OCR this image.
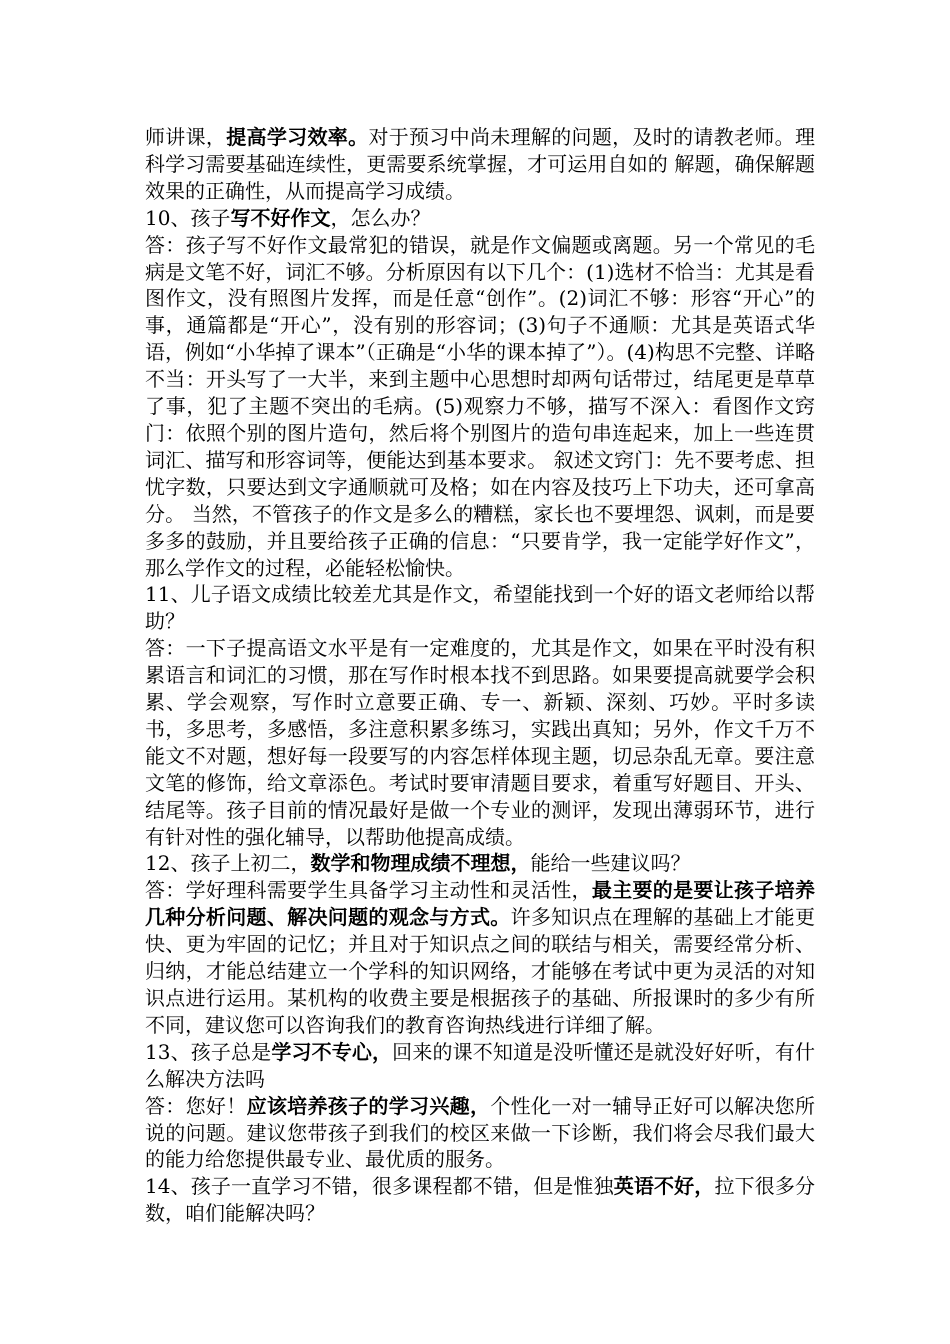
师讲课，提高学习效率。对于预习中尚未理解的问题，及时的请教老师。理科学习需要基础连续性，更需要系统掌握，才可运用自如的 解题，确保解题效果的正确性，从而提高学习成绩。

10、孩子写不好作文，怎么办？

答：孩子写不好作文最常犯的错误，就是作文偏题或离题。另一个常见的毛病是文笔不好，词汇不够。分析原因有以下几个：(1)选材不恰当：尤其是看图作文，没有照图片发挥，而是任意“创作”。(2)词汇不够：形容“开心”的事，通篇都是“开心”，没有别的形容词；(3)句子不通顺：尤其是英语式华语，例如“小华掉了课本”（正确是“小华的课本掉了”）。(4)构思不完整、详略不当：开头写了一大半，来到主题中心思想时却两句话带过，结尾更是草草了事，犯了主题不突出的毛病。(5)观察力不够，描写不深入：看图作文窍门：依照个别的图片造句，然后将个别图片的造句串连起来，加上一些连贯词汇、描写和形容词等，便能达到基本要求。 叙述文窍门：先不要考虑、担忧字数，只要达到文字通顺就可及格；如在内容及技巧上下功夫，还可拿高分。 当然，不管孩子的作文是多么的糟糕，家长也不要埋怨、讽刺，而是要多多的鼓励，并且要给孩子正确的信息：“只要肯学，我一定能学好作文”，那么学作文的过程，必能轻松愉快。

11、儿子语文成绩比较差尤其是作文，希望能找到一个好的语文老师给以帮助？

答：一下子提高语文水平是有一定难度的，尤其是作文，如果在平时没有积累语言和词汇的习惯，那在写作时根本找不到思路。如果要提高就要学会积累、学会观察，写作时立意要正确、专一、新颖、深刻、巧妙。平时多读书，多思考，多感悟，多注意积累多练习，实践出真知；另外，作文千万不能文不对题，想好每一段要写的内容怎样体现主题，切忌杂乱无章。要注意文笔的修饰，给文章添色。考试时要审清题目要求，着重写好题目、开头、结尾等。孩子目前的情况最好是做一个专业的测评，发现出薄弱环节，进行有针对性的强化辅导，以帮助他提高成绩。

12、孩子上初二，数学和物理成绩不理想，能给一些建议吗？

答：学好理科需要学生具备学习主动性和灵活性，最主要的是要让孩子培养几种分析问题、解决问题的观念与方式。许多知识点在理解的基础上才能更快、更为牢固的记忆；并且对于知识点之间的联结与相关，需要经常分析、归纳，才能总结建立一个学科的知识网络，才能够在考试中更为灵活的对知识点进行运用。某机构的收费主要是根据孩子的基础、所报课时的多少有所不同，建议您可以咨询我们的教育咨询热线进行详细了解。

13、孩子总是学习不专心，回来的课不知道是没听懂还是就没好好听，有什么解决方法吗

答：您好！应该培养孩子的学习兴趣，个性化一对一辅导正好可以解决您所说的问题。建议您带孩子到我们的校区来做一下诊断，我们将会尽我们最大的能力给您提供最专业、最优质的服务。

14、孩子一直学习不错，很多课程都不错，但是惟独英语不好，拉下很多分数，咱们能解决吗？
